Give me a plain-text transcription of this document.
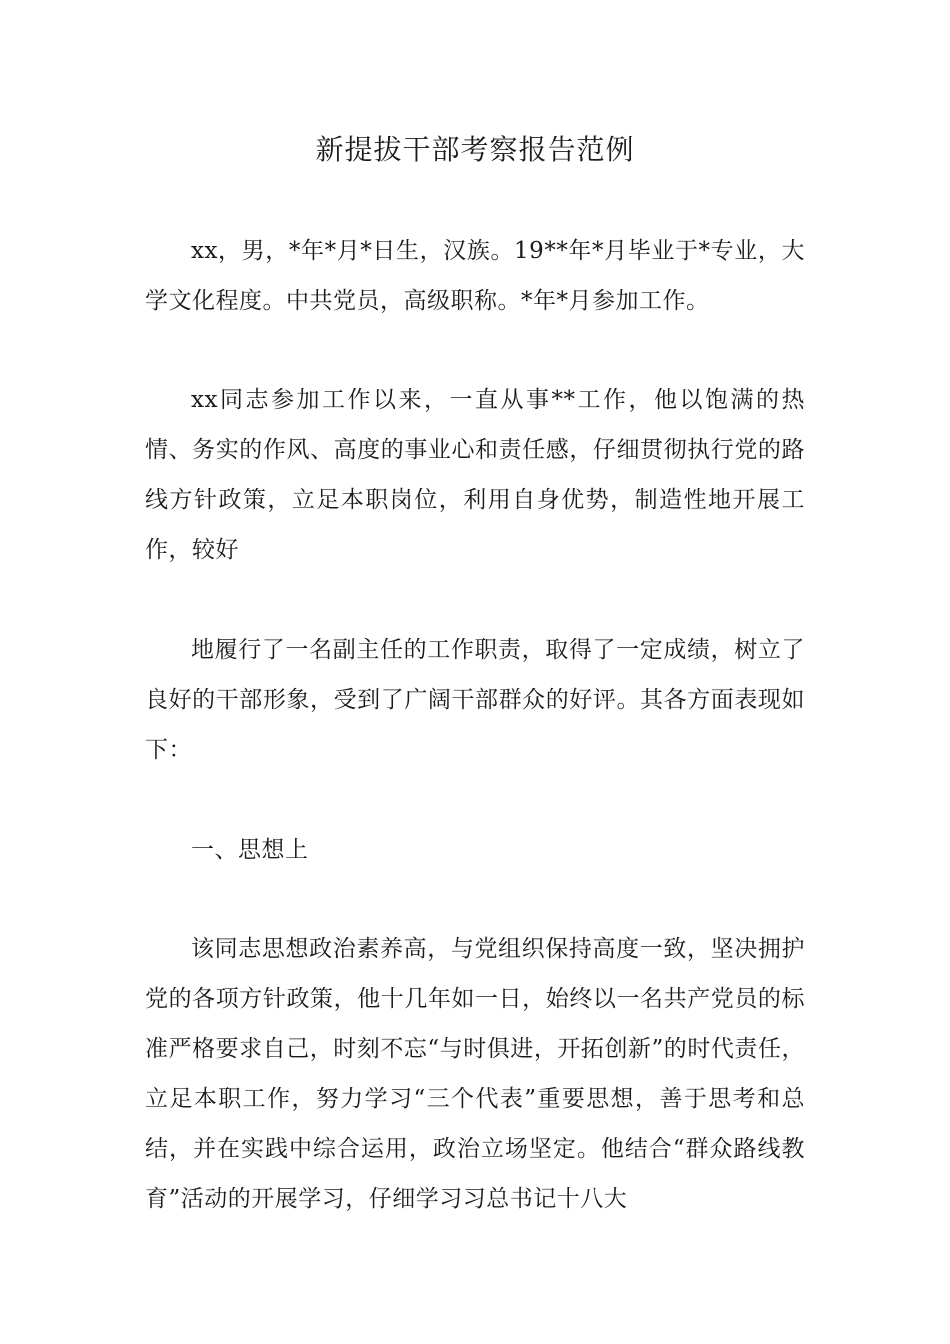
新提拔干部考察报告范例

xx，男，*年*月*日生，汉族。19**年*月毕业于*专业，大学文化程度。中共党员，高级职称。*年*月参加工作。

xx同志参加工作以来，一直从事**工作，他以饱满的热情、务实的作风、高度的事业心和责任感，仔细贯彻执行党的路线方针政策，立足本职岗位，利用自身优势，制造性地开展工作，较好

地履行了一名副主任的工作职责，取得了一定成绩，树立了良好的干部形象，受到了广阔干部群众的好评。其各方面表现如下：

一、思想上

该同志思想政治素养高，与党组织保持高度一致，坚决拥护党的各项方针政策，他十几年如一日，始终以一名共产党员的标准严格要求自己，时刻不忘“与时俱进，开拓创新”的时代责任，立足本职工作，努力学习“三个代表”重要思想，善于思考和总结，并在实践中综合运用，政治立场坚定。他结合“群众路线教育”活动的开展学习，仔细学习习总书记十八大
